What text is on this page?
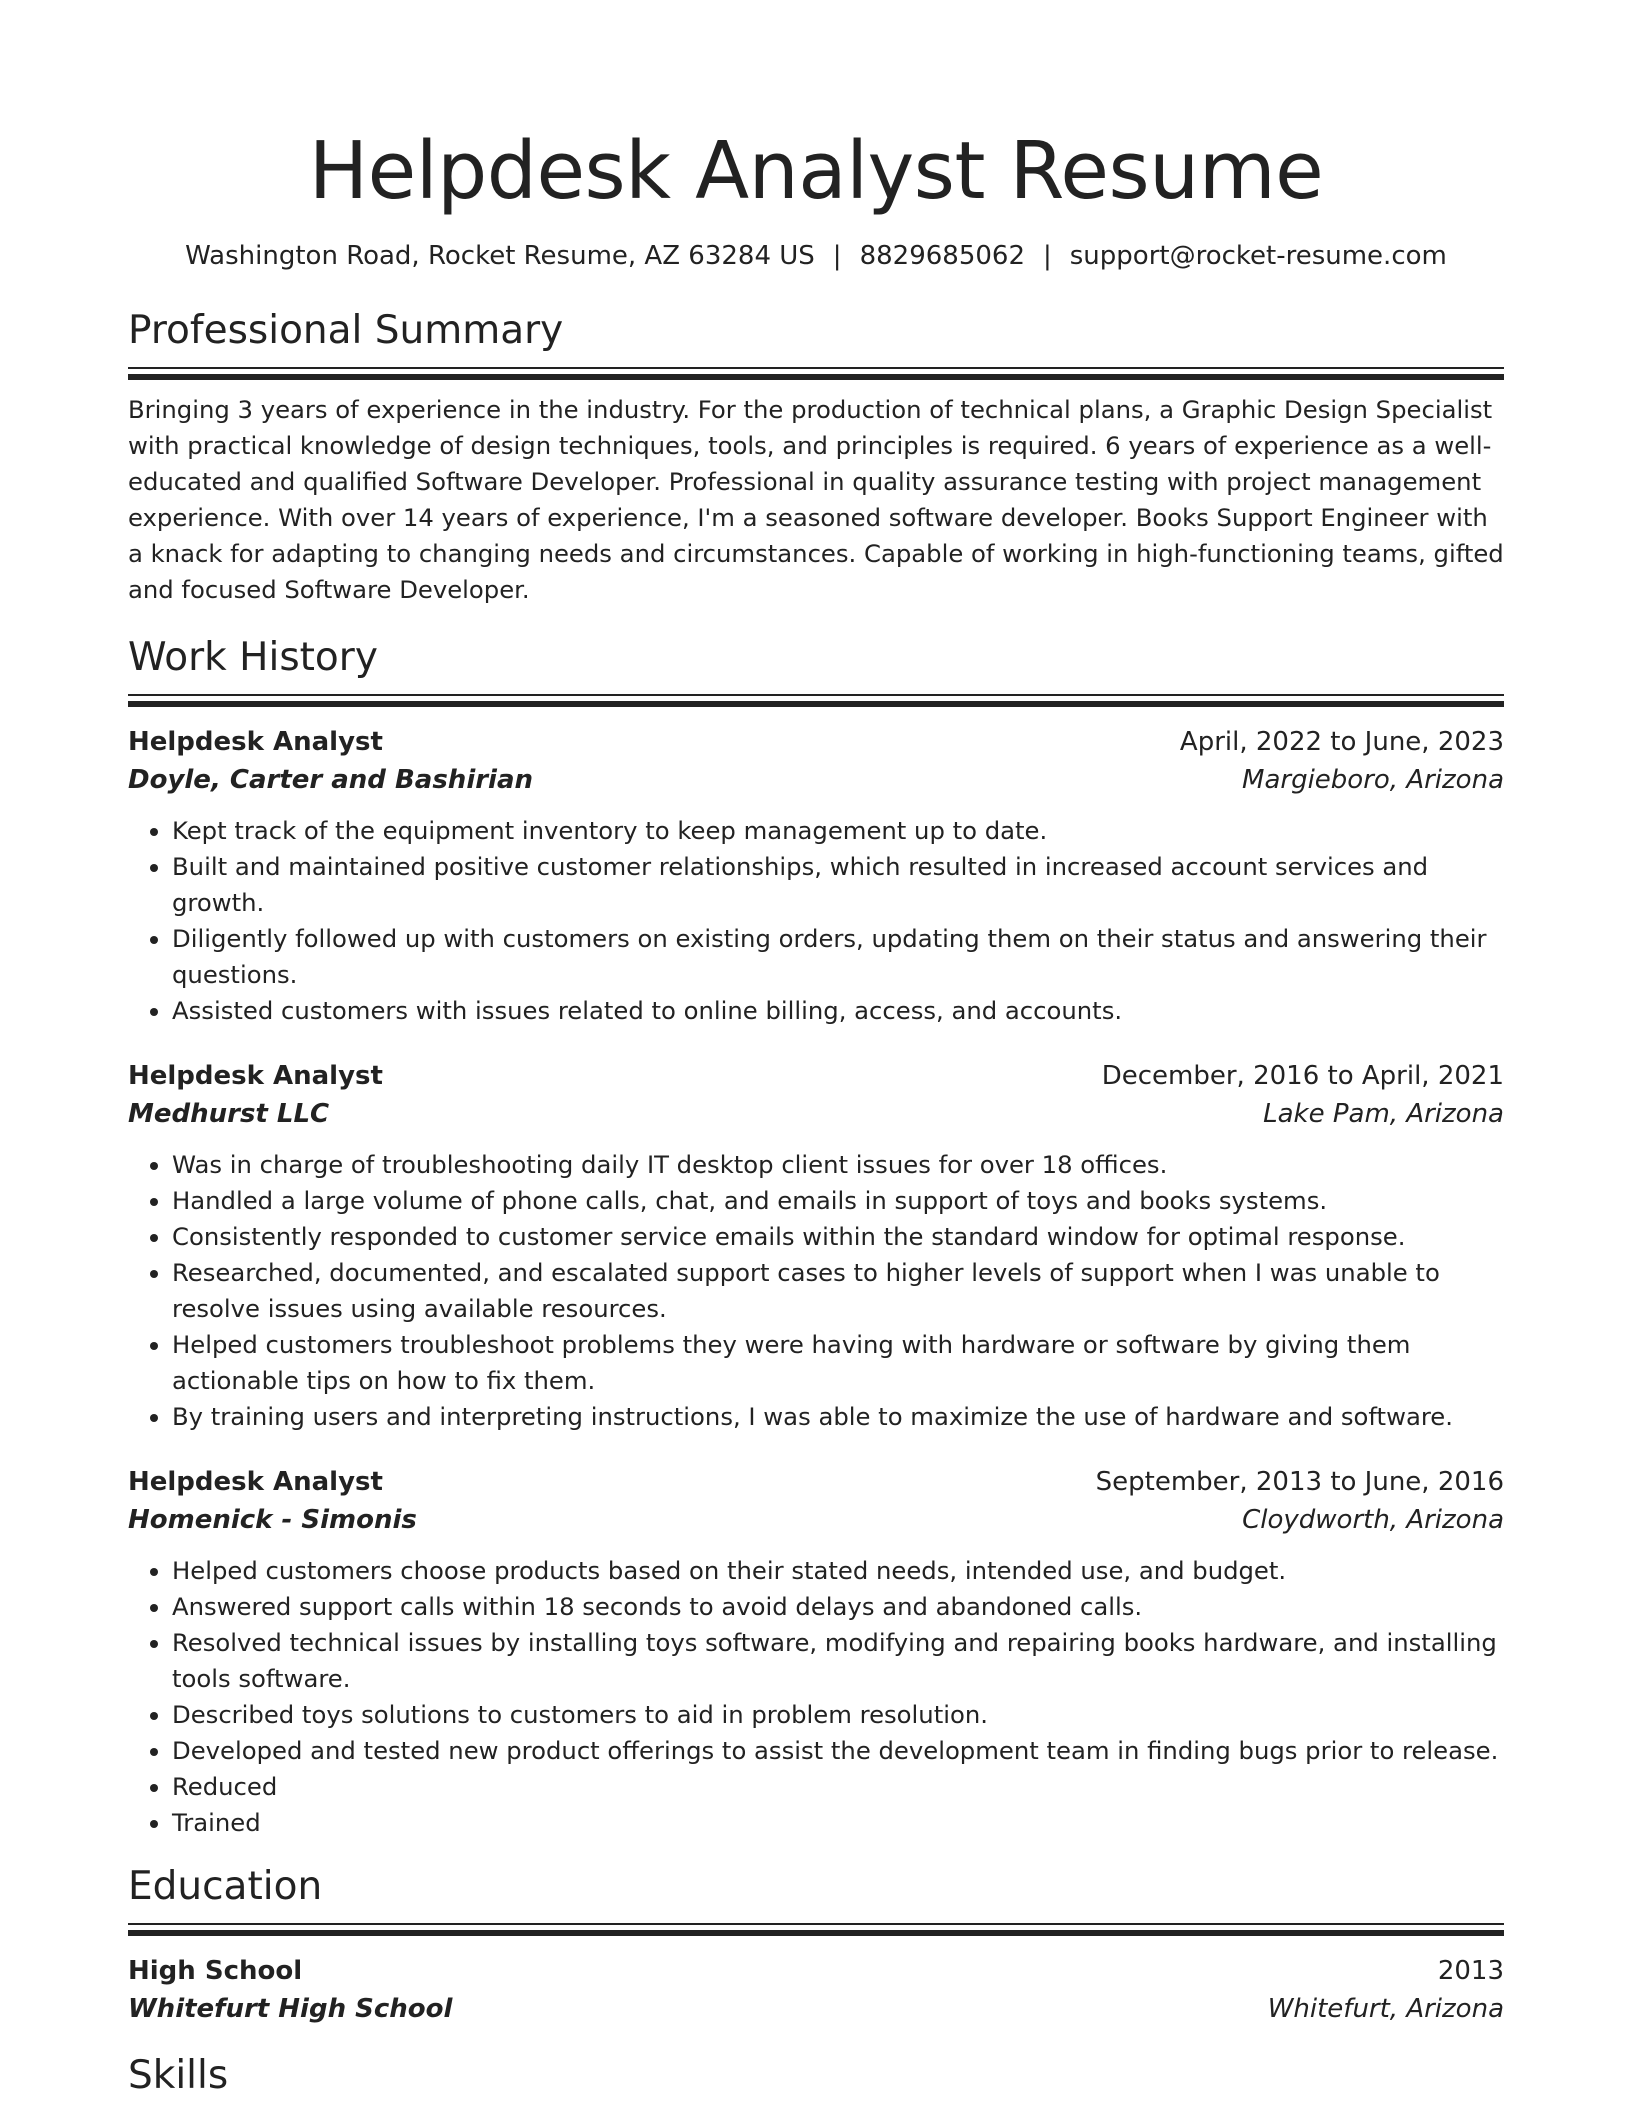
Helpdesk Analyst Resume
Washington Road, Rocket Resume, AZ 63284 US | 8829685062 | support@rocket-resume.com
Professional Summary

Bringing 3 years of experience in the industry. For the production of technical plans, a Graphic Design Specialist with practical knowledge of design techniques, tools, and principles is required. 6 years of experience as a well-educated and qualified Software Developer. Professional in quality assurance testing with project management experience. With over 14 years of experience, I'm a seasoned software developer. Books Support Engineer with a knack for adapting to changing needs and circumstances. Capable of working in high-functioning teams, gifted and focused Software Developer.

Work History
Helpdesk Analyst	April, 2022 to June, 2023
Doyle, Carter and Bashirian	Margieboro, Arizona
• Kept track of the equipment inventory to keep management up to date.
• Built and maintained positive customer relationships, which resulted in increased account services and growth.
• Diligently followed up with customers on existing orders, updating them on their status and answering their questions.
• Assisted customers with issues related to online billing, access, and accounts.
Helpdesk Analyst	December, 2016 to April, 2021
Medhurst LLC	Lake Pam, Arizona
• Was in charge of troubleshooting daily IT desktop client issues for over 18 offices.
• Handled a large volume of phone calls, chat, and emails in support of toys and books systems.
• Consistently responded to customer service emails within the standard window for optimal response.
• Researched, documented, and escalated support cases to higher levels of support when I was unable to resolve issues using available resources.
• Helped customers troubleshoot problems they were having with hardware or software by giving them actionable tips on how to fix them.
• By training users and interpreting instructions, I was able to maximize the use of hardware and software.
Helpdesk Analyst	September, 2013 to June, 2016
Homenick - Simonis	Cloydworth, Arizona
• Helped customers choose products based on their stated needs, intended use, and budget.
• Answered support calls within 18 seconds to avoid delays and abandoned calls.
• Resolved technical issues by installing toys software, modifying and repairing books hardware, and installing tools software.
• Described toys solutions to customers to aid in problem resolution.
• Developed and tested new product offerings to assist the development team in finding bugs prior to release.
• Reduced
• Trained
Education
High School	2013
Whitefurt High School	Whitefurt, Arizona
Skills
